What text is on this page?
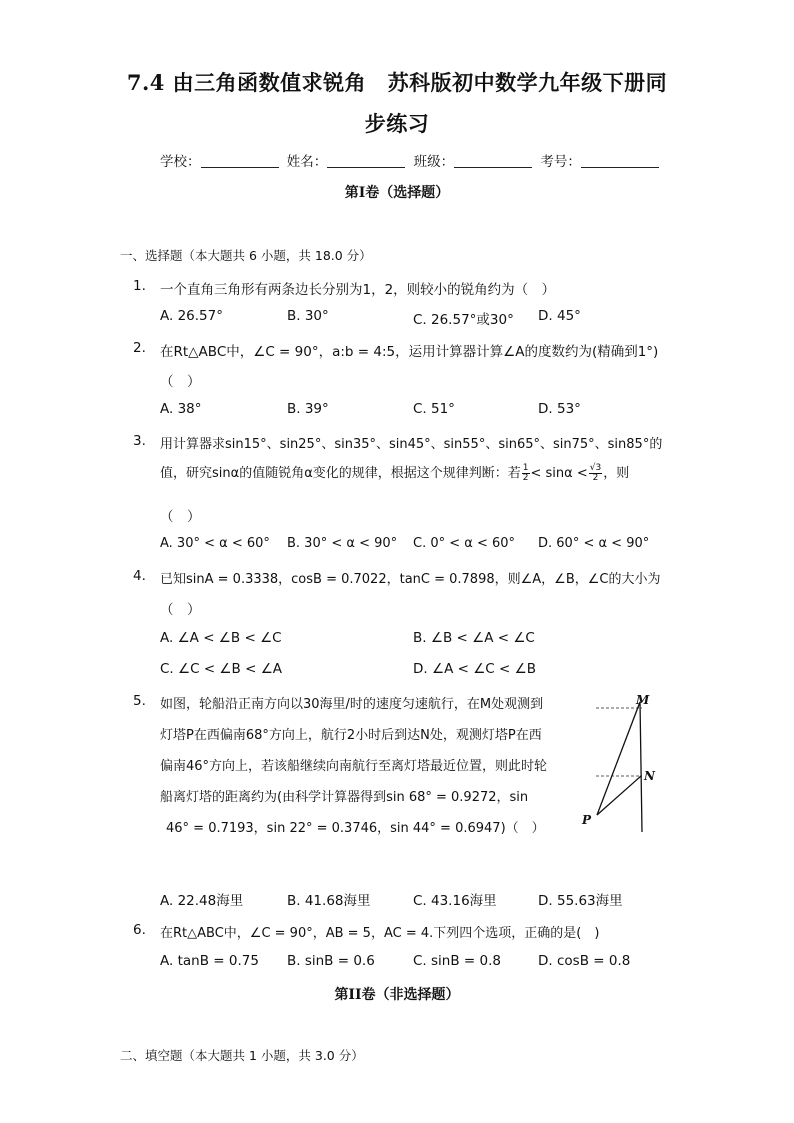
7.4 由三角函数值求锐角　苏科版初中数学九年级下册同
步练习
学校：	姓名：	班级：	考号：
第I卷（选择题）
一、选择题（本大题共 6 小题，共 18.0 分）
1. 一个直角三角形有两条边长分别为1，2，则较小的锐角约为（　）
A. 26.57°	B. 30°	C. 26.57°或30° D. 45°
2. 在Rt△ABC中，∠C = 90°，a:b = 4:5，运用计算器计算∠A的度数约为(精确到1°)
（　）
A. 38°	B. 39°	C. 51°	D. 53°
3. 用计算器求sin15°、sin25°、sin35°、sin45°、sin55°、sin65°、sin75°、sin85°的
值，研究sinα的值随锐角α变化的规律，根据这个规律判断：若 $\frac{1}{2} < \sin\alpha < \frac{√3}{2}$ ，则
（　）
A. 30° < α < 60° B. 30° < α < 90° C. 0° < α < 60° D. 60° < α < 90°
4. 已知sinA = 0.3338，cosB = 0.7022，tanC = 0.7898，则∠A，∠B，∠C的大小为
（　）
A. ∠A < ∠B < ∠C	B. ∠B < ∠A < ∠C
C. ∠C < ∠B < ∠A	D. ∠A < ∠C < ∠B
5. 如图，轮船沿正南方向以30海里/时的速度匀速航行，在M处观测到
灯塔P在西偏南68°方向上，航行2小时后到达N处，观测灯塔P在西
偏南46°方向上，若该船继续向南航行至离灯塔最近位置，则此时轮
船离灯塔的距离约为(由科学计算器得到sin 68° = 0.9272，sin
46° = 0.7193，sin 22° = 0.3746，sin 44° = 0.6947)（　）
M
N
P
A. 22.48海里	B. 41.68海里	C. 43.16海里	D. 55.63海里
6. 在Rt△ABC中，∠C = 90°，AB = 5，AC = 4.下列四个选项，正确的是(　)
A. tanB = 0.75 B. sinB = 0.6	C. sinB = 0.8	D. cosB = 0.8
第II卷（非选择题）
二、填空题（本大题共 1 小题，共 3.0 分）
